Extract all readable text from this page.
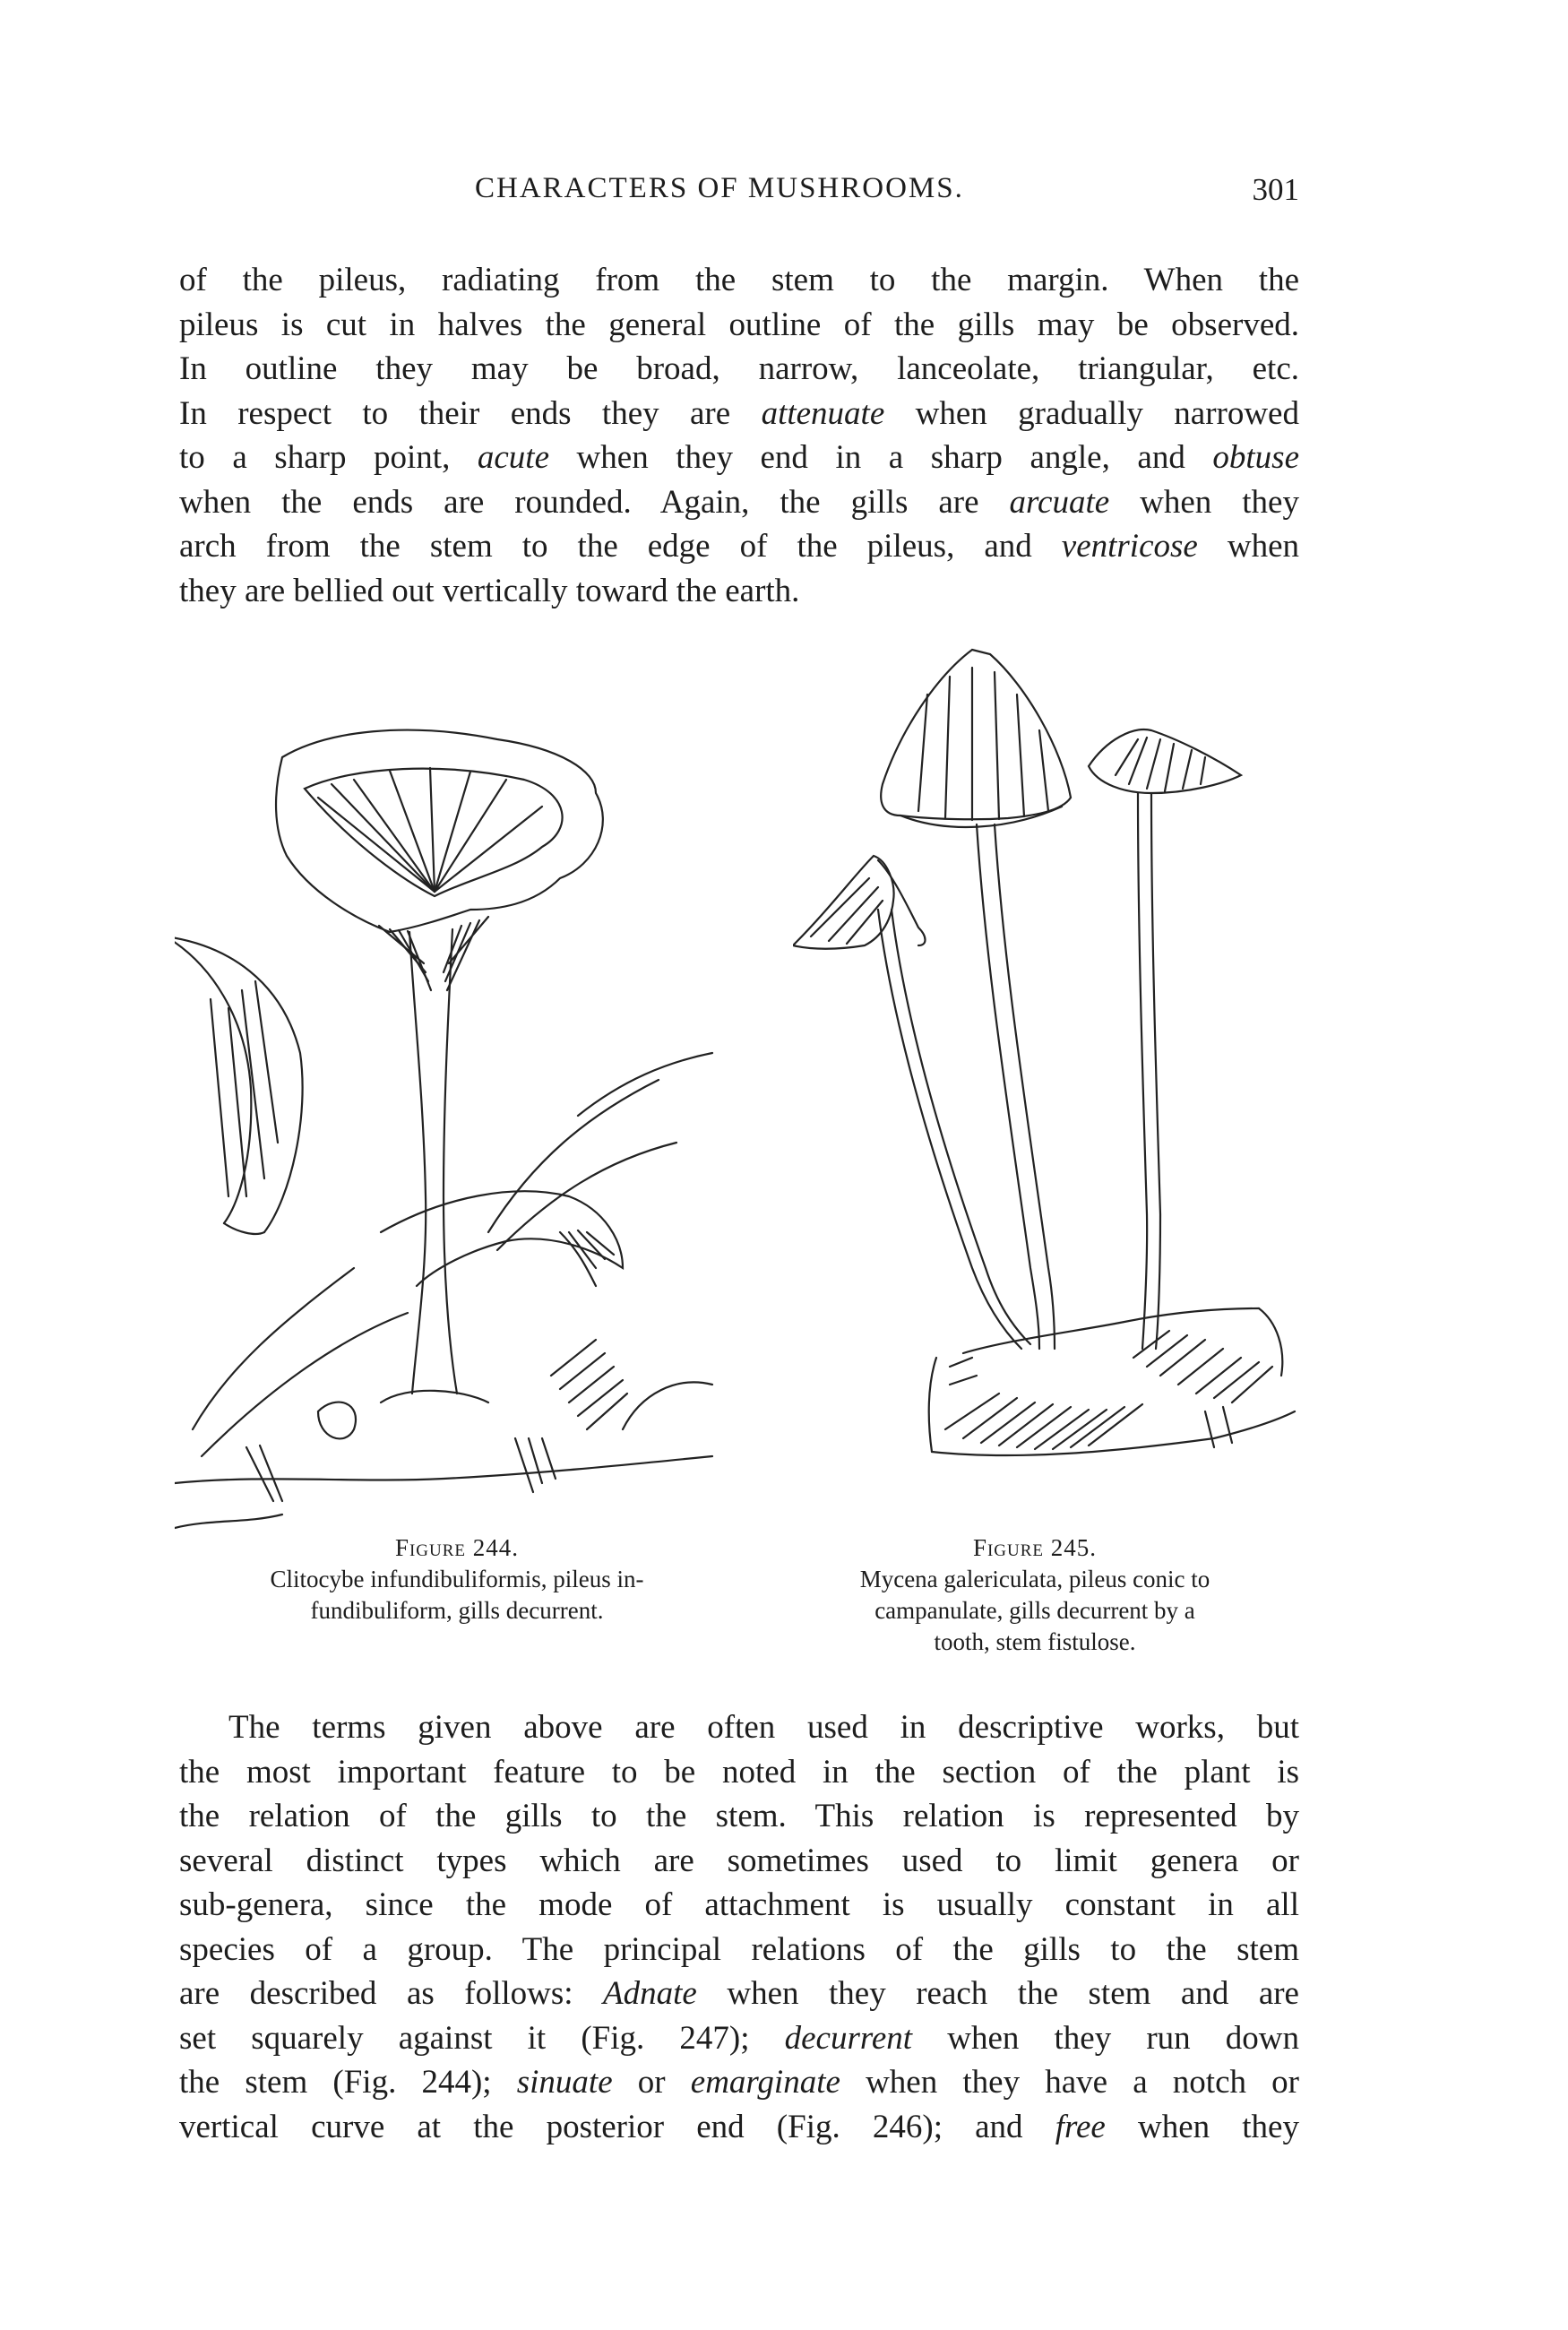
CHARACTERS OF MUSHROOMS.	301
of the pileus, radiating from the stem to the margin. When the
pileus is cut in halves the general outline of the gills may be observed.
In outline they may be broad, narrow, lanceolate, triangular, etc.
In respect to their ends they are attenuate when gradually narrowed
to a sharp point, acute when they end in a sharp angle, and obtuse
when the ends are rounded. Again, the gills are arcuate when they
arch from the stem to the edge of the pileus, and ventricose when
they are bellied out vertically toward the earth.
Figure 244.
Clitocybe infundibuliformis, pileus in-
fundibuliform, gills decurrent.
Figure 245.
Mycena galericulata, pileus conic to
campanulate, gills decurrent by a
tooth, stem fistulose.
The terms given above are often used in descriptive works, but
the most important feature to be noted in the section of the plant is
the relation of the gills to the stem. This relation is represented by
several distinct types which are sometimes used to limit genera or
sub-genera, since the mode of attachment is usually constant in all
species of a group. The principal relations of the gills to the stem
are described as follows: Adnate when they reach the stem and are
set squarely against it (Fig. 247); decurrent when they run down
the stem (Fig. 244); sinuate or emarginate when they have a notch or
vertical curve at the posterior end (Fig. 246); and free when they
